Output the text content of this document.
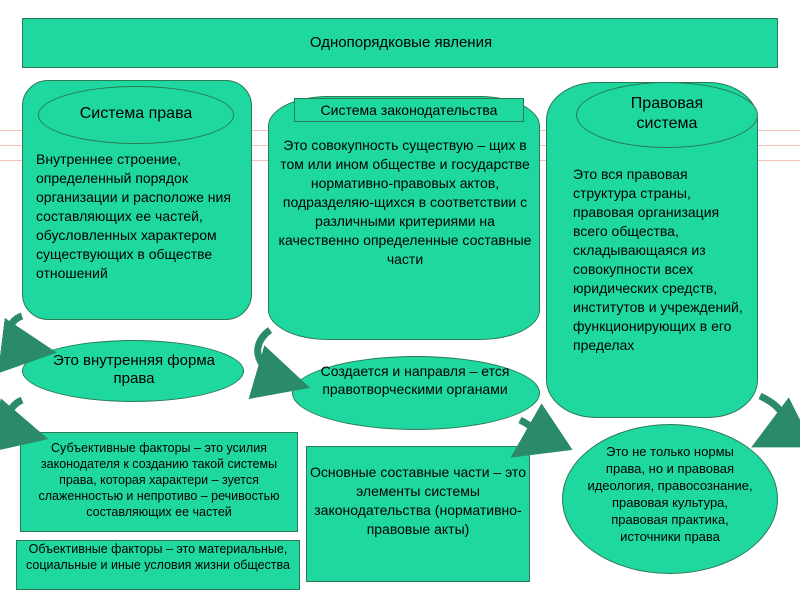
Однопорядковые явления
Система права
Внутреннее строение, определенный порядок организации и расположе ния составляющих ее частей, обусловленных характером существующих в обществе отношений
Это внутренняя форма права
Субъективные факторы – это усилия законодателя к созданию такой системы права, которая характери – зуется слаженностью и непротиво – речивостью составляющих ее частей
Объективные факторы – это материальные, социальные и иные условия жизни общества
Система законодательства
Это совокупность существую – щих в том или ином обществе и государстве нормативно-правовых актов, подразделяю-щихся в соответствии с различными критериями на качественно определенные составные части
Создается и направля – ется правотворческими органами
Основные составные части – это элементы системы законодательства (нормативно-правовые акты)
Правовая система
Это вся правовая структура страны, правовая организация всего общества, складывающаяся из совокупности всех юридических средств, институтов и учреждений, функционирующих в его пределах
Это не только нормы права, но и правовая идеология, правосознание, правовая культура, правовая практика, источники права
